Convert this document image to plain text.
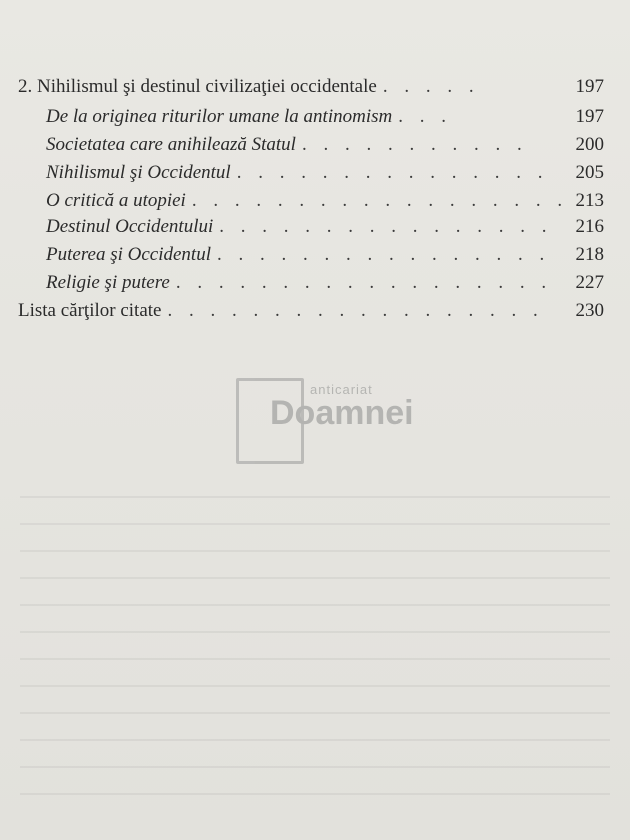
2. Nihilismul şi destinul civilizaţiei occidentale . . . . .	197
De la originea riturilor umane la antinomism . . .	197
Societatea care anihilează Statul . . . . . . . . . . .	200
Nihilismul şi Occidentul . . . . . . . . . . . . . . .	205
O critică a utopiei . . . . . . . . . . . . . . . . . . 213
Destinul Occidentului . . . . . . . . . . . . . . . .	216
Puterea şi Occidentul . . . . . . . . . . . . . . . .	218
Religie şi putere . . . . . . . . . . . . . . . . . .	227
Lista cărţilor citate . . . . . . . . . . . . . . . . . .	230
anticariat
Doamnei
